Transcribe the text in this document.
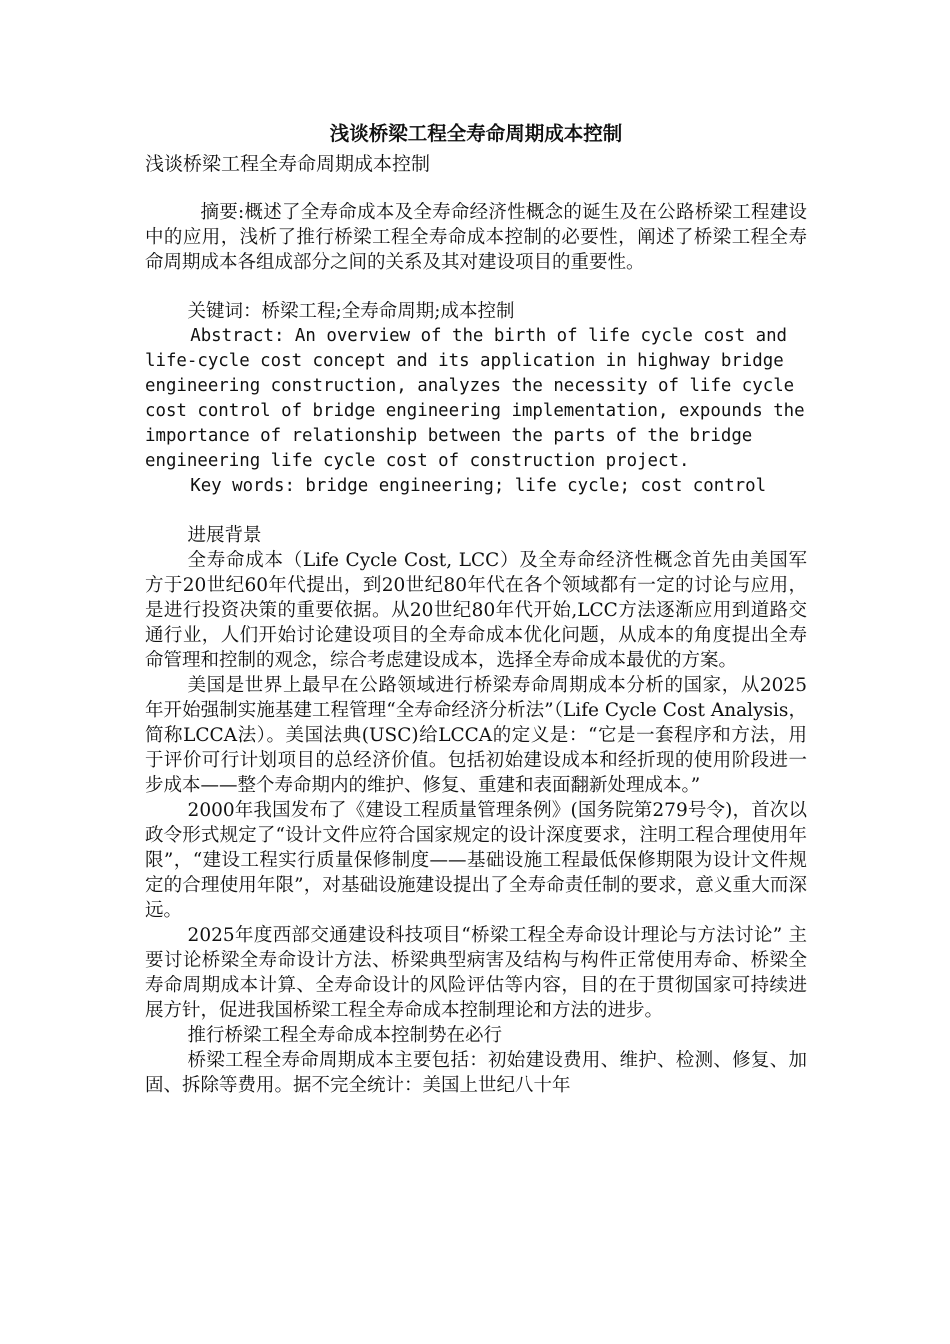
浅谈桥梁工程全寿命周期成本控制
浅谈桥梁工程全寿命周期成本控制

摘要:概述了全寿命成本及全寿命经济性概念的诞生及在公路桥梁工程建设中的应用，浅析了推行桥梁工程全寿命成本控制的必要性，阐述了桥梁工程全寿命周期成本各组成部分之间的关系及其对建设项目的重要性。

关键词：桥梁工程;全寿命周期;成本控制

Abstract: An overview of the birth of life cycle cost and life-cycle cost concept and its application in highway bridge engineering construction, analyzes the necessity of life cycle cost control of bridge engineering implementation, expounds the importance of relationship between the parts of the bridge engineering life cycle cost of construction project.

Key words: bridge engineering; life cycle; cost control

进展背景

全寿命成本（Life Cycle Cost, LCC）及全寿命经济性概念首先由美国军方于20世纪60年代提出，到20世纪80年代在各个领域都有一定的讨论与应用，是进行投资决策的重要依据。从20世纪80年代开始,LCC方法逐渐应用到道路交通行业，人们开始讨论建设项目的全寿命成本优化问题，从成本的角度提出全寿命管理和控制的观念，综合考虑建设成本，选择全寿命成本最优的方案。

美国是世界上最早在公路领域进行桥梁寿命周期成本分析的国家，从2025年开始强制实施基建工程管理“全寿命经济分析法”（Life Cycle Cost Analysis，简称LCCA法）。美国法典(USC)给LCCA的定义是：“它是一套程序和方法，用于评价可行计划项目的总经济价值。包括初始建设成本和经折现的使用阶段进一步成本——整个寿命期内的维护、修复、重建和表面翻新处理成本。”

2000年我国发布了《建设工程质量管理条例》(国务院第279号令)，首次以政令形式规定了“设计文件应符合国家规定的设计深度要求，注明工程合理使用年限”，“建设工程实行质量保修制度——基础设施工程最低保修期限为设计文件规定的合理使用年限”，对基础设施建设提出了全寿命责任制的要求，意义重大而深远。

2025年度西部交通建设科技项目“桥梁工程全寿命设计理论与方法讨论” 主要讨论桥梁全寿命设计方法、桥梁典型病害及结构与构件正常使用寿命、桥梁全寿命周期成本计算、全寿命设计的风险评估等内容，目的在于贯彻国家可持续进展方针，促进我国桥梁工程全寿命成本控制理论和方法的进步。

推行桥梁工程全寿命成本控制势在必行

桥梁工程全寿命周期成本主要包括：初始建设费用、维护、检测、修复、加固、拆除等费用。据不完全统计：美国上世纪八十年
